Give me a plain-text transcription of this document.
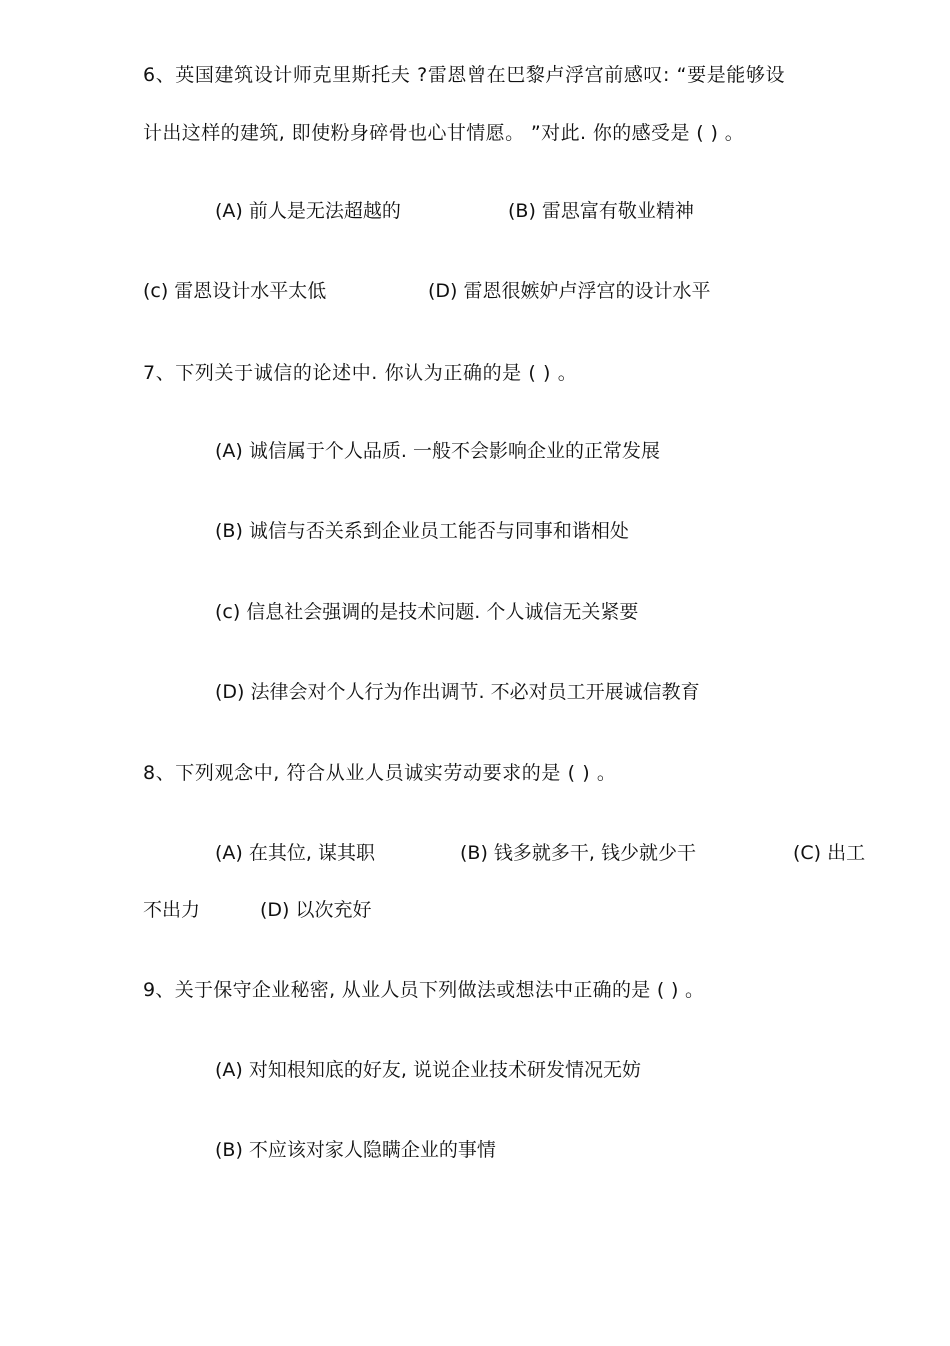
6、英国建筑设计师克里斯托夫 ?雷恩曾在巴黎卢浮宫前感叹: “要是能够设
计出这样的建筑, 即使粉身碎骨也心甘情愿。 ”对此. 你的感受是 ( ) 。
(A) 前人是无法超越的	(B) 雷思富有敬业精神
(c) 雷恩设计水平太低	(D) 雷恩很嫉妒卢浮宫的设计水平
7、下列关于诚信的论述中. 你认为正确的是 ( ) 。
(A) 诚信属于个人品质. 一般不会影响企业的正常发展
(B) 诚信与否关系到企业员工能否与同事和谐相处
(c) 信息社会强调的是技术问题. 个人诚信无关紧要
(D) 法律会对个人行为作出调节. 不必对员工开展诚信教育
8、下列观念中, 符合从业人员诚实劳动要求的是 ( ) 。
(A) 在其位, 谋其职	(B) 钱多就多干, 钱少就少干	(C) 出工
不出力	(D) 以次充好
9、关于保守企业秘密, 从业人员下列做法或想法中正确的是 ( ) 。
(A) 对知根知底的好友, 说说企业技术研发情况无妨
(B) 不应该对家人隐瞒企业的事情
